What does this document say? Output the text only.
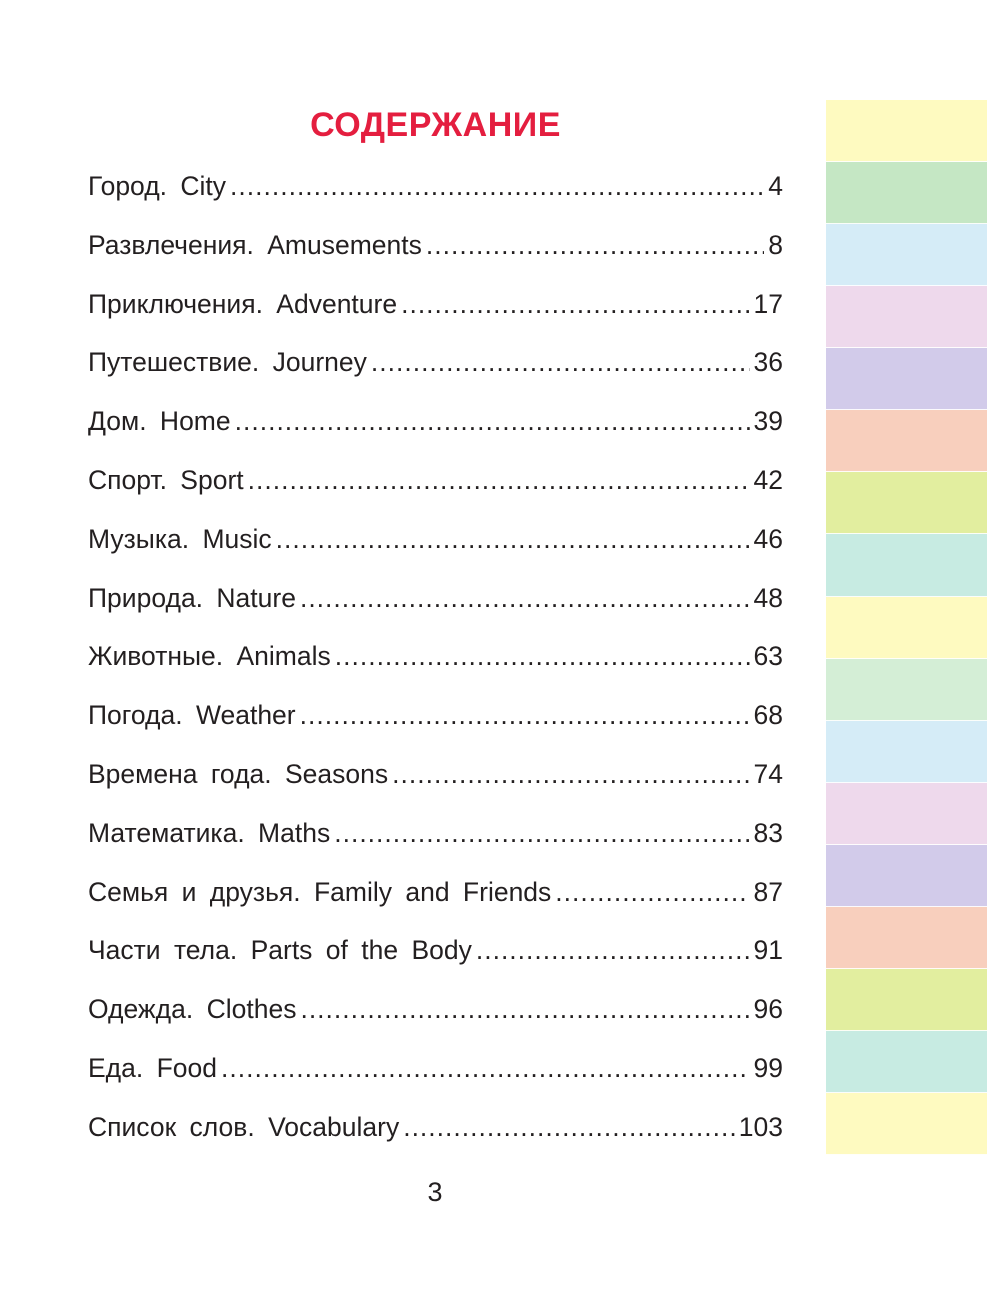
СОДЕРЖАНИЕ
Город. City .....	4
Развлечения. Amusements .....	8
Приключения. Adventure .....	17
Путешествие. Journey .....	36
Дом. Home .....	39
Спорт. Sport .....	42
Музыка. Music .....	46
Природа. Nature .....	48
Животные. Animals .....	63
Погода. Weather .....	68
Времена года. Seasons .....	74
Математика. Maths .....	83
Семья и друзья. Family and Friends .....	87
Части тела. Parts of the Body .....	91
Одежда. Clothes .....	96
Еда. Food .....	99
Список слов. Vocabulary .....	103
3
